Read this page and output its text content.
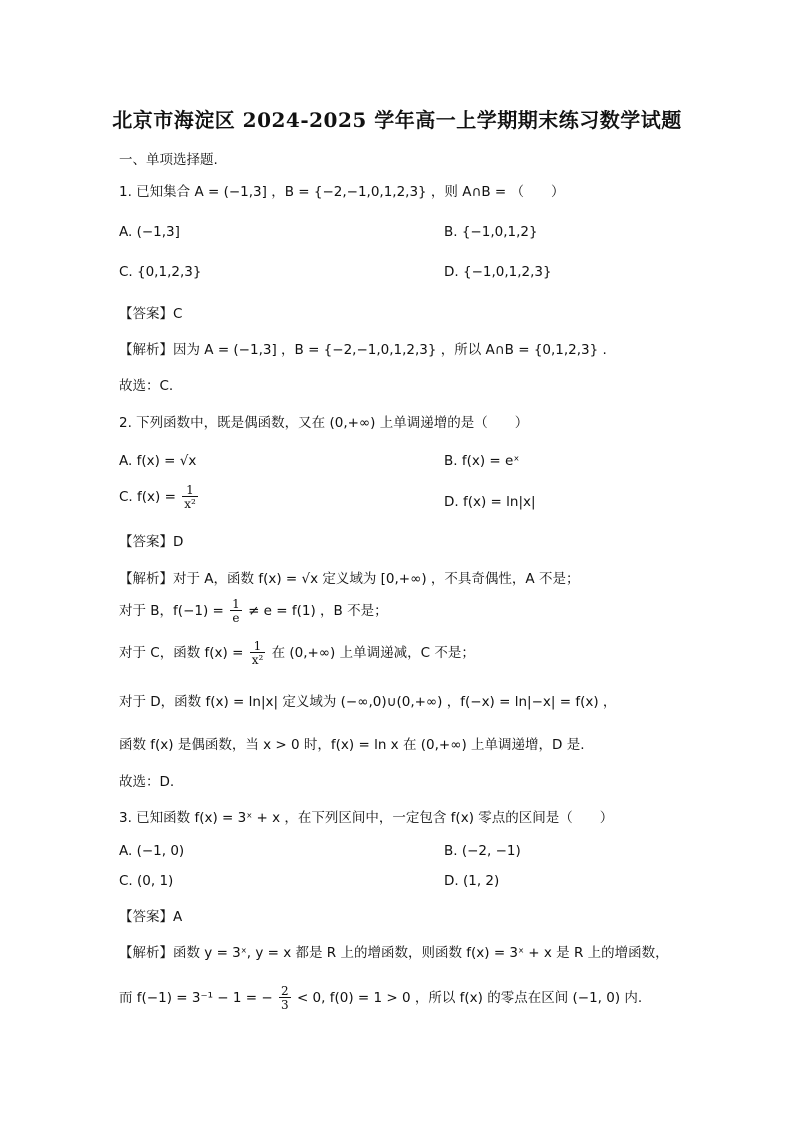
北京市海淀区 2024-2025 学年高一上学期期末练习数学试题
一、单项选择题.
1. 已知集合 A = (−1,3] ，B = {−2,−1,0,1,2,3} ，则 A∩B = （　　）
A. (−1,3]	B. {−1,0,1,2}
C. {0,1,2,3}	D. {−1,0,1,2,3}
【答案】C
【解析】因为 A = (−1,3] ，B = {−2,−1,0,1,2,3} ，所以 A∩B = {0,1,2,3} .
故选：C.
2. 下列函数中，既是偶函数，又在 (0,+∞) 上单调递增的是（　　）
A. f(x) = √x	B. f(x) = eˣ
C. $f(x) = \frac{1}{\text{x²}}$	D. f(x) = ln|x|
【答案】D
【解析】对于 A，函数 f(x) = √x 定义域为 [0,+∞) ，不具奇偶性，A 不是；
对于 B，$f(-1) = \frac{1}{e} \ne e = f(1)$ ，B 不是；
对于 C，函数 $f(x) = \frac{1}{\text{x²}}$ 在 (0,+∞) 上单调递减，C 不是；
对于 D，函数 f(x) = ln|x| 定义域为 (−∞,0)∪(0,+∞) ，f(−x) = ln|−x| = f(x) ，
函数 f(x) 是偶函数，当 x > 0 时，f(x) = ln x 在 (0,+∞) 上单调递增，D 是.
故选：D.
3. 已知函数 f(x) = 3ˣ + x ，在下列区间中，一定包含 f(x) 零点的区间是（　　）
A. (−1, 0)	B. (−2, −1)
C. (0, 1)	D. (1, 2)
【答案】A
【解析】函数 y = 3ˣ, y = x 都是 R 上的增函数，则函数 f(x) = 3ˣ + x 是 R 上的增函数，
而 f(−1) = 3⁻¹ − 1 = − $\frac{2}{3} < 0$, f(0) = 1 > 0 ，所以 f(x) 的零点在区间 (−1, 0) 内.
